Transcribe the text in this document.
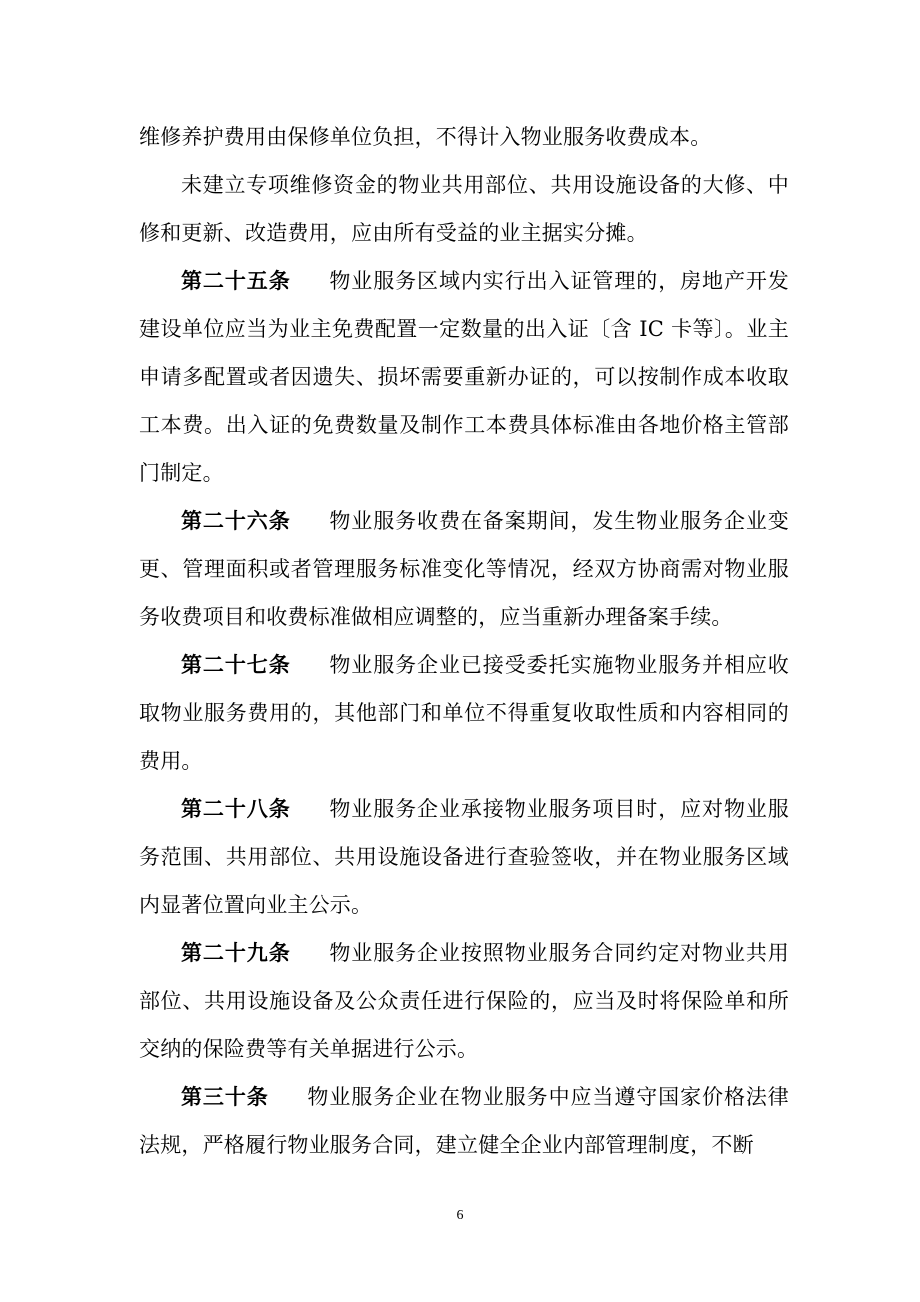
维修养护费用由保修单位负担，不得计入物业服务收费成本。

未建立专项维修资金的物业共用部位、共用设施设备的大修、中修和更新、改造费用，应由所有受益的业主据实分摊。

第二十五条 物业服务区域内实行出入证管理的，房地产开发建设单位应当为业主免费配置一定数量的出入证〔含 IC 卡等〕。业主申请多配置或者因遗失、损坏需要重新办证的，可以按制作成本收取工本费。出入证的免费数量及制作工本费具体标准由各地价格主管部门制定。

第二十六条 物业服务收费在备案期间，发生物业服务企业变更、管理面积或者管理服务标准变化等情况，经双方协商需对物业服务收费项目和收费标准做相应调整的，应当重新办理备案手续。

第二十七条 物业服务企业已接受委托实施物业服务并相应收取物业服务费用的，其他部门和单位不得重复收取性质和内容相同的费用。

第二十八条 物业服务企业承接物业服务项目时，应对物业服务范围、共用部位、共用设施设备进行查验签收，并在物业服务区域内显著位置向业主公示。

第二十九条 物业服务企业按照物业服务合同约定对物业共用部位、共用设施设备及公众责任进行保险的，应当及时将保险单和所交纳的保险费等有关单据进行公示。

第三十条 物业服务企业在物业服务中应当遵守国家价格法律法规，严格履行物业服务合同，建立健全企业内部管理制度，不断

6
